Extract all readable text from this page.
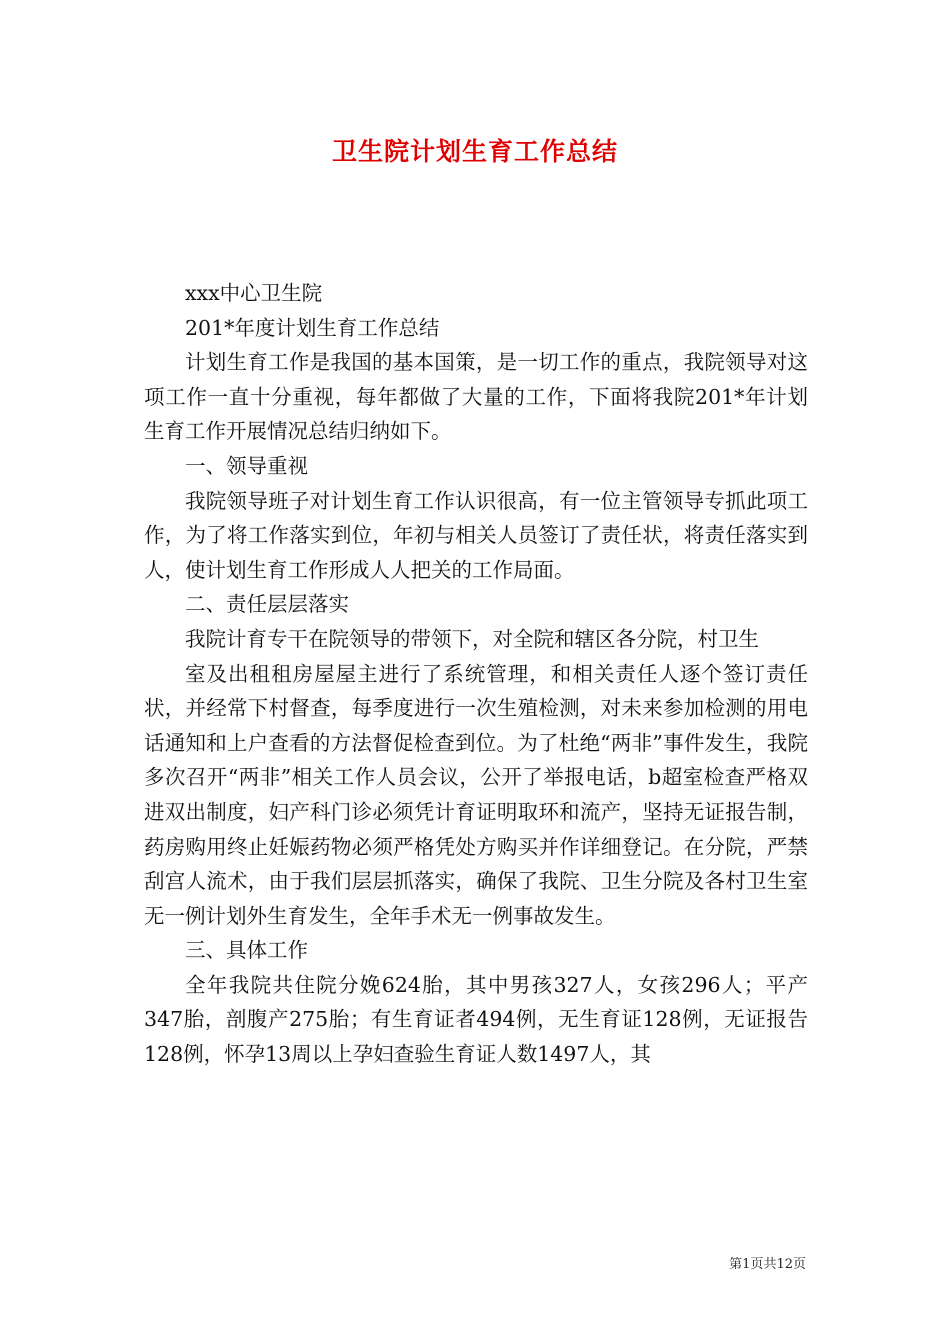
卫生院计划生育工作总结

xxx中心卫生院

201*年度计划生育工作总结

计划生育工作是我国的基本国策，是一切工作的重点，我院领导对这项工作一直十分重视，每年都做了大量的工作，下面将我院201*年计划生育工作开展情况总结归纳如下。

一、领导重视

我院领导班子对计划生育工作认识很高，有一位主管领导专抓此项工作，为了将工作落实到位，年初与相关人员签订了责任状，将责任落实到人，使计划生育工作形成人人把关的工作局面。

二、责任层层落实

我院计育专干在院领导的带领下，对全院和辖区各分院，村卫生

室及出租租房屋屋主进行了系统管理，和相关责任人逐个签订责任状，并经常下村督查，每季度进行一次生殖检测，对未来参加检测的用电话通知和上户查看的方法督促检查到位。为了杜绝“两非”事件发生，我院多次召开“两非”相关工作人员会议，公开了举报电话，b超室检查严格双进双出制度，妇产科门诊必须凭计育证明取环和流产，坚持无证报告制，药房购用终止妊娠药物必须严格凭处方购买并作详细登记。在分院，严禁刮宫人流术，由于我们层层抓落实，确保了我院、卫生分院及各村卫生室无一例计划外生育发生，全年手术无一例事故发生。

三、具体工作

全年我院共住院分娩624胎，其中男孩327人，女孩296人；平产347胎，剖腹产275胎；有生育证者494例，无生育证128例，无证报告128例，怀孕13周以上孕妇查验生育证人数1497人，其

第1页共12页
